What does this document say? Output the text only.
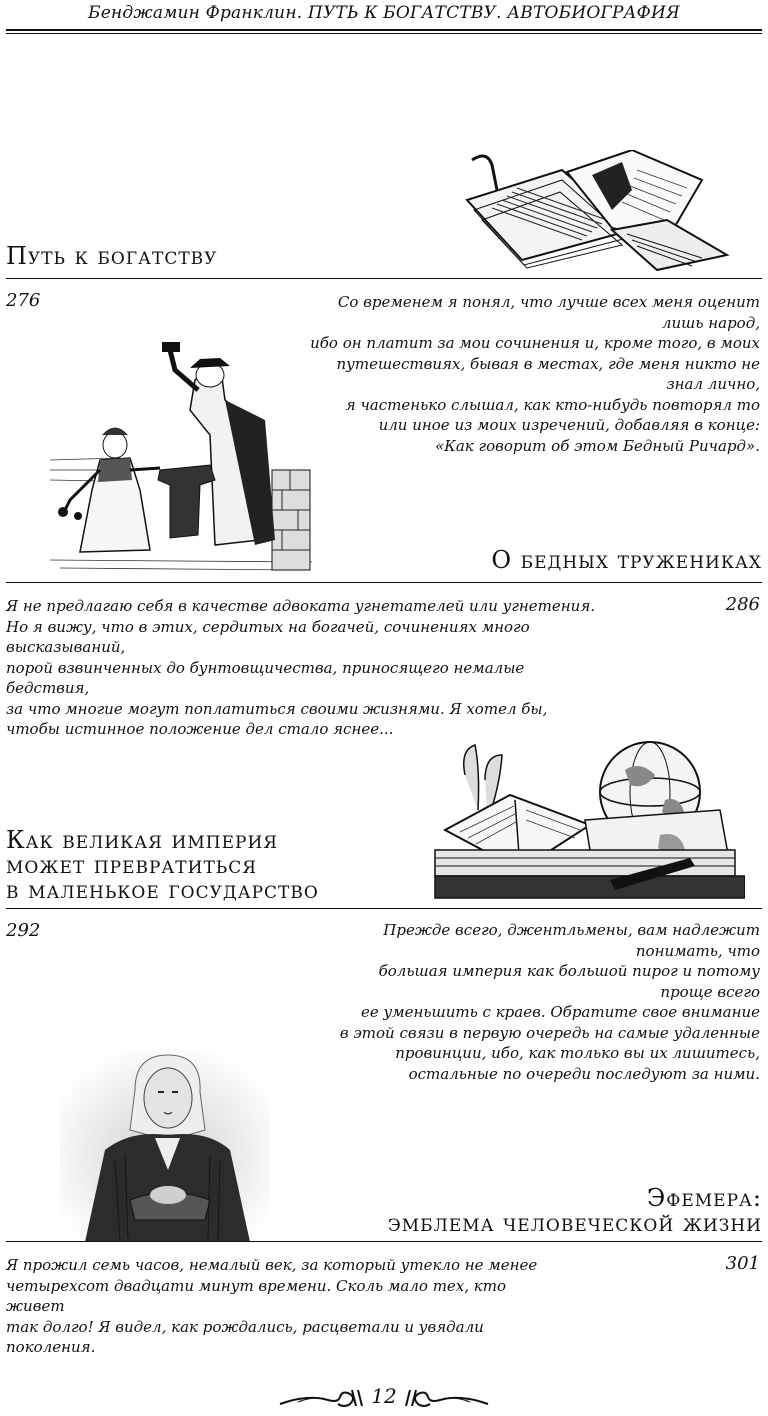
Бенджамин Франклин. ПУТЬ К БОГАТСТВУ. АВТОБИОГРАФИЯ
Путь к богатству
276	Со временем я понял, что лучше всех меня оценит лишь народ,
ибо он платит за мои сочинения и, кроме того, в моих
путешествиях, бывая в местах, где меня никто не знал лично,
я частенько слышал, как кто-нибудь повторял то
или иное из моих изречений, добавляя в конце:
«Как говорит об этом Бедный Ричард».
О бедных тружениках
286
Я не предлагаю себя в качестве адвоката угнетателей или угнетения.
Но я вижу, что в этих, сердитых на богачей, сочинениях много высказываний,
порой взвинченных до бунтовщичества, приносящего немалые бедствия,
за что многие могут поплатиться своими жизнями. Я хотел бы,
чтобы истинное положение дел стало яснее...
Как великая империя
может превратиться
в маленькое государство
292	Прежде всего, джентльмены, вам надлежит понимать, что
большая империя как большой пирог и потому проще всего
ее уменьшить с краев. Обратите свое внимание
в этой связи в первую очередь на самые удаленные
провинции, ибо, как только вы их лишитесь,
остальные по очереди последуют за ними.
Эфемера:
эмблема человеческой жизни
301
Я прожил семь часов, немалый век, за который утекло не менее
четырехсот двадцати минут времени. Сколь мало тех, кто живет
так долго! Я видел, как рождались, расцветали и увядали поколения.
12
